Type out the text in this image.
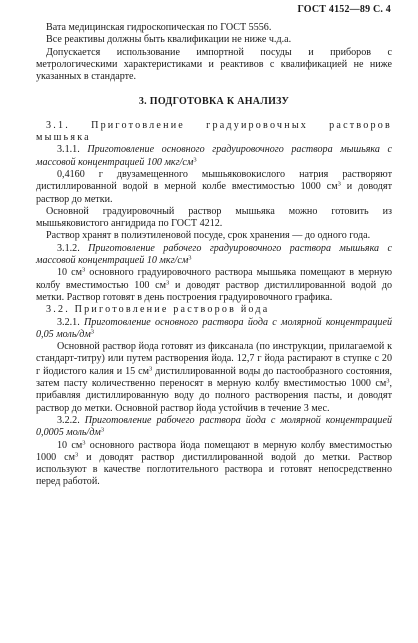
ГОСТ 4152—89 С. 4

Вата медицинская гидроскопическая по ГОСТ 5556.

Все реактивы должны быть квалификации не ниже ч.д.а.

Допускается использование импортной посуды и приборов с метрологическими характеристиками и реактивов с квалификацией не ниже указанных в стандарте.

3. ПОДГОТОВКА К АНАЛИЗУ

3.1. Приготовление градуировочных растворов мышьяка

3.1.1. Приготовление основного градуировочного раствора мышьяка с массовой концентрацией 100 мкг/$см^3$

0,4160 г двузамещенного мышьяковокислого натрия растворяют дистиллированной водой в мерной колбе вместимостью 1000 $см^3$ и доводят раствор до метки.

Основной градуировочный раствор мышьяка можно готовить из мышьяковистого ангидрида по ГОСТ 4212.

Раствор хранят в полиэтиленовой посуде, срок хранения — до одного года.

3.1.2. Приготовление рабочего градуировочного раствора мышьяка с массовой концентрацией 10 мкг/$см^3$

10 $см^3$ основного градуировочного раствора мышьяка помещают в мерную колбу вместимостью 100 $см^3$ и доводят раствор дистиллированной водой до метки. Раствор готовят в день построения градуировочного графика.

3.2. Приготовление растворов йода

3.2.1. Приготовление основного раствора йода с молярной концентрацией 0,05 моль/$дм^3$

Основной раствор йода готовят из фиксанала (по инструкции, прилагаемой к стандарт-титру) или путем растворения йода. 12,7 г йода растирают в ступке с 20 г йодистого калия и 15 $см^3$ дистиллированной воды до пастообразного состояния, затем пасту количественно переносят в мерную колбу вместимостью 1000 $см^3$, прибавляя дистиллированную воду до полного растворения пасты, и доводят раствор до метки. Основной раствор йода устойчив в течение 3 мес.

3.2.2. Приготовление рабочего раствора йода с молярной концентрацией 0,0005 моль/$дм^3$

10 $см^3$ основного раствора йода помещают в мерную колбу вместимостью 1000 $см^3$ и доводят раствор дистиллированной водой до метки. Раствор используют в качестве поглотительного раствора и готовят непосредственно перед работой.
